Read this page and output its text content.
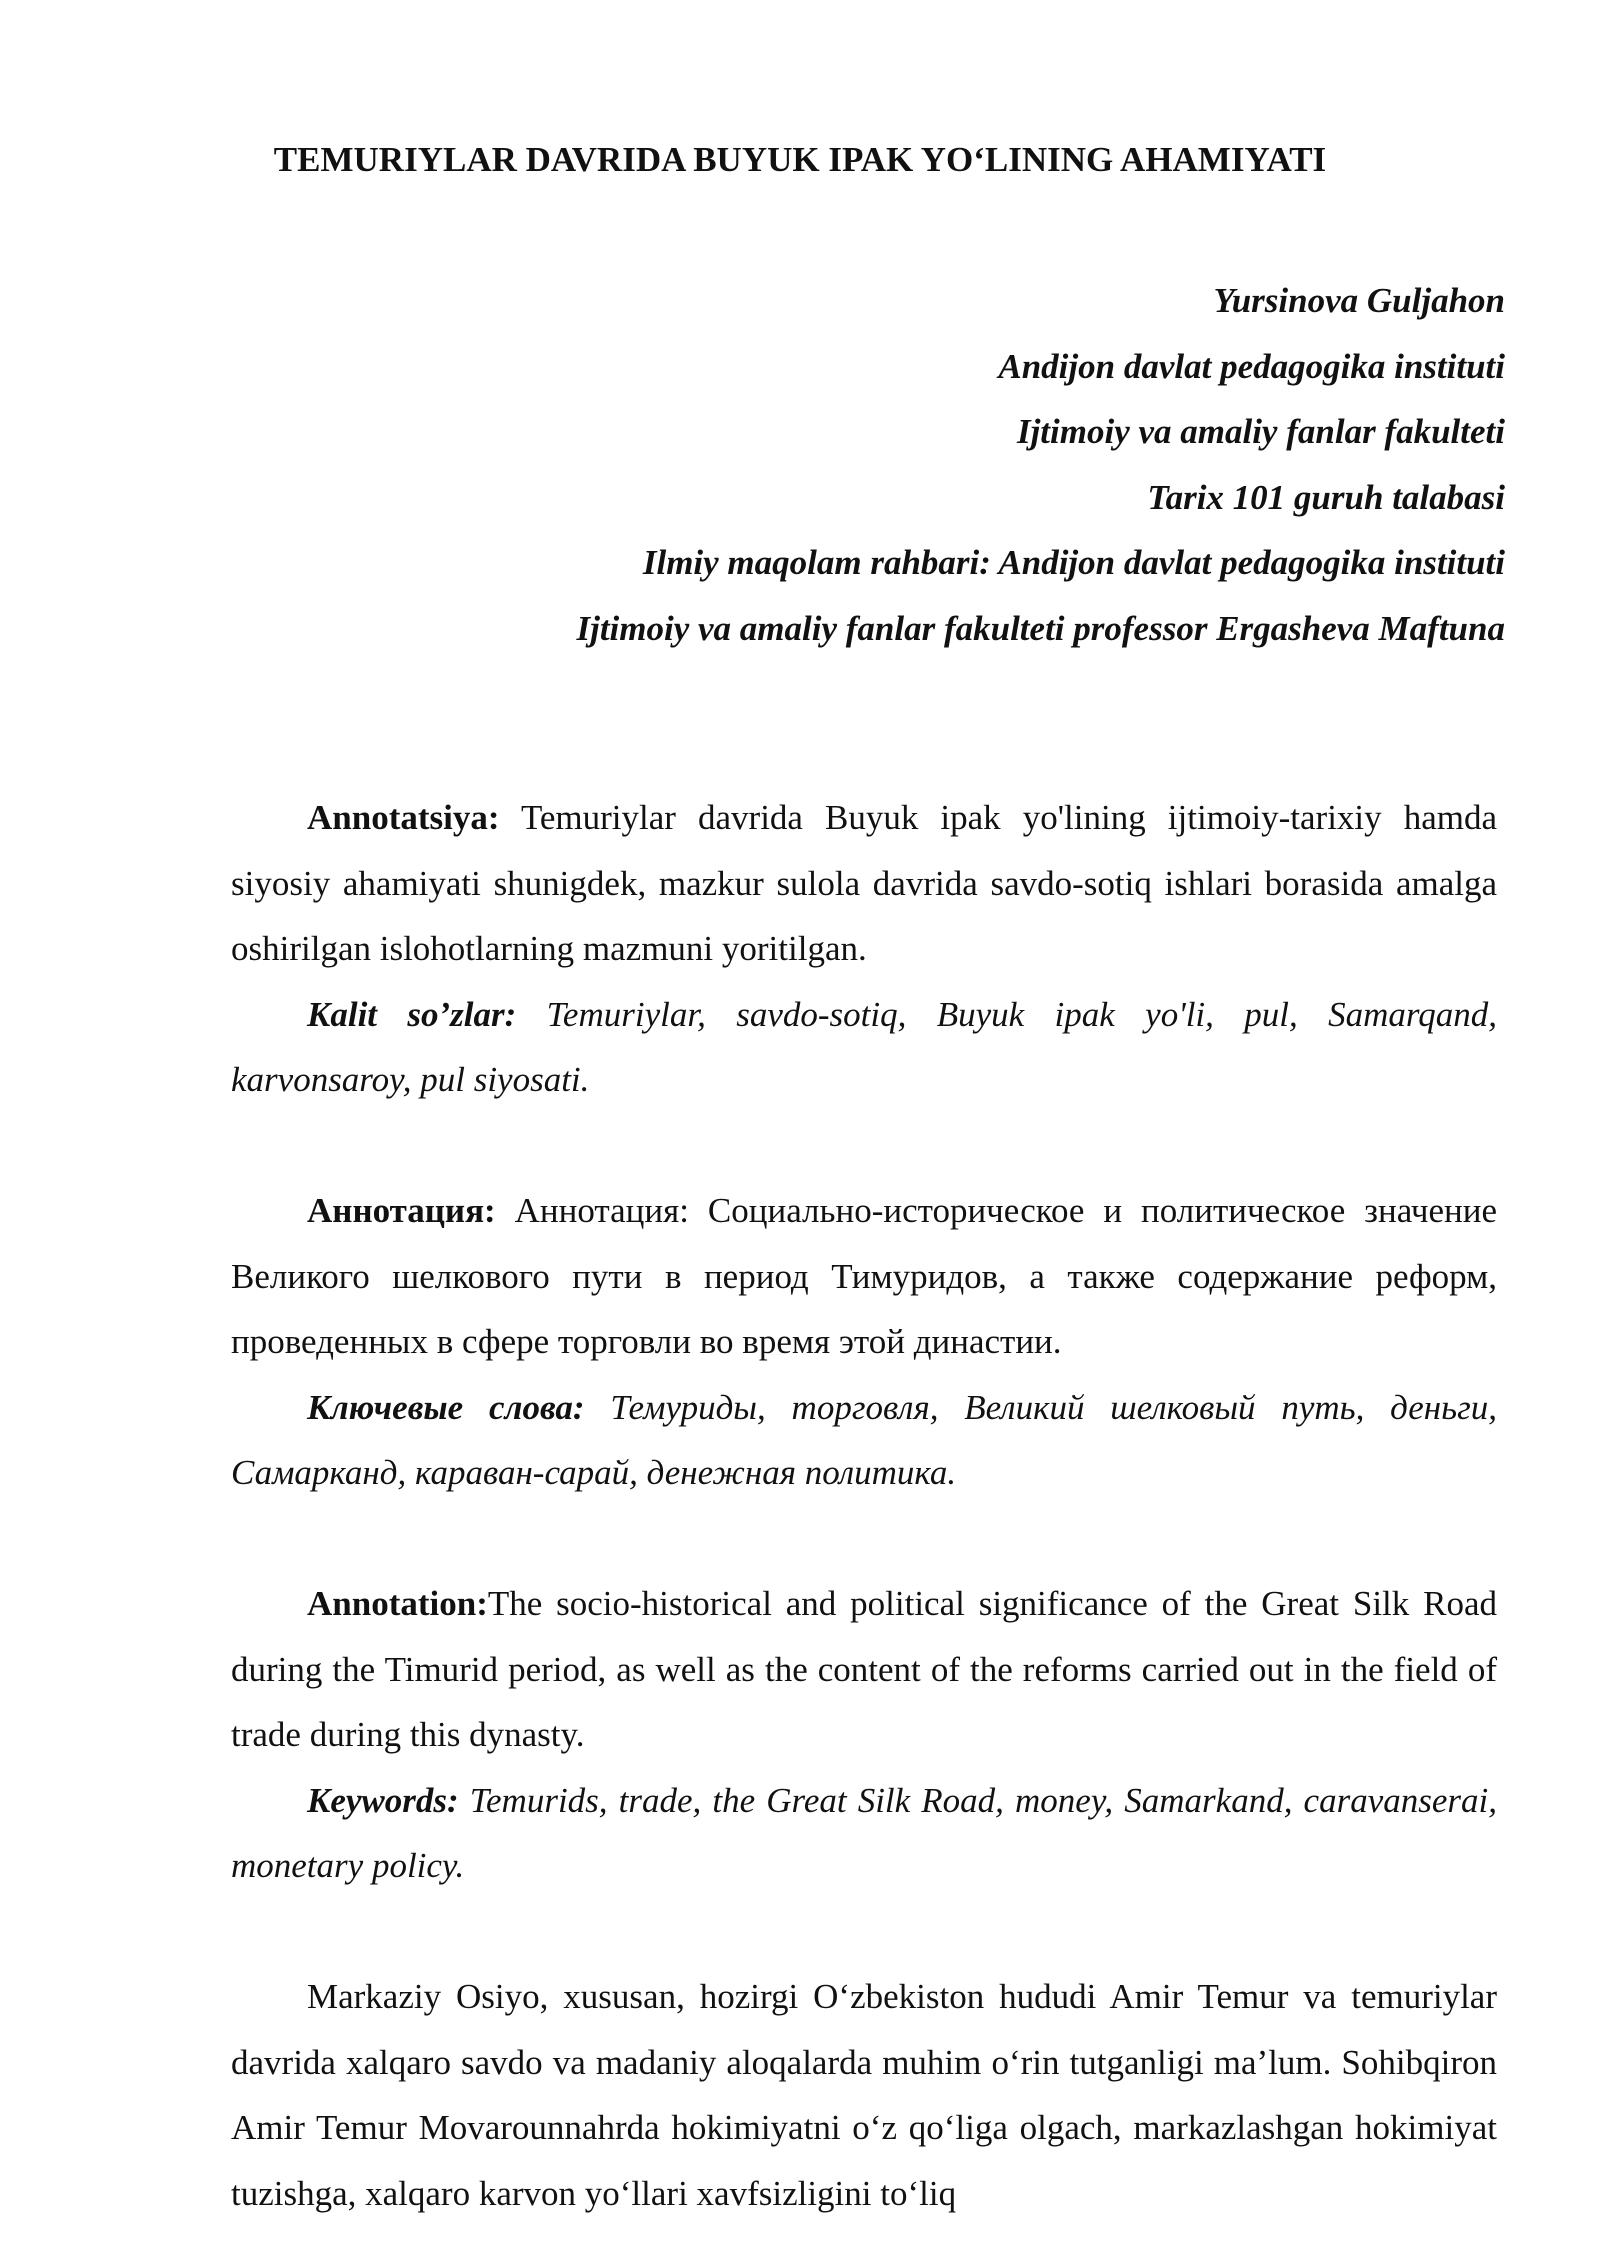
TEMURIYLAR DAVRIDA BUYUK IPAK YO‘LINING AHAMIYATI
Yursinova Guljahon
Andijon davlat pedagogika instituti
Ijtimoiy va amaliy fanlar fakulteti
Tarix 101 guruh talabasi
Ilmiy maqolam rahbari: Andijon davlat pedagogika instituti
Ijtimoiy va amaliy fanlar fakulteti professor Ergasheva Maftuna

Annotatsiya: Temuriylar davrida Buyuk ipak yo'lining ijtimoiy-tarixiy hamda siyosiy ahamiyati shunigdek, mazkur sulola davrida savdo-sotiq ishlari borasida amalga oshirilgan islohotlarning mazmuni yoritilgan.

Kalit so’zlar: Temuriylar, savdo-sotiq, Buyuk ipak yo'li, pul, Samarqand, karvonsaroy, pul siyosati.

Аннотация: Аннотация: Социально-историческое и политическое значение Великого шелкового пути в период Тимуридов, а также содержание реформ, проведенных в сфере торговли во время этой династии.

Ключевые слова: Темуриды, торговля, Великий шелковый путь, деньги, Самарканд, караван-сарай, денежная политика.

Annotation:The socio-historical and political significance of the Great Silk Road during the Timurid period, as well as the content of the reforms carried out in the field of trade during this dynasty.

Keywords: Temurids, trade, the Great Silk Road, money, Samarkand, caravanserai, monetary policy.

Markaziy Osiyo, xususan, hozirgi O‘zbekiston hududi Amir Temur va temuriylar davrida xalqaro savdo va madaniy aloqalarda muhim o‘rin tutganligi ma’lum. Sohibqiron Amir Temur Movarounnahrda hokimiyatni o‘z qo‘liga olgach, markazlashgan hokimiyat tuzishga, xalqaro karvon yo‘llari xavfsizligini to‘liq
